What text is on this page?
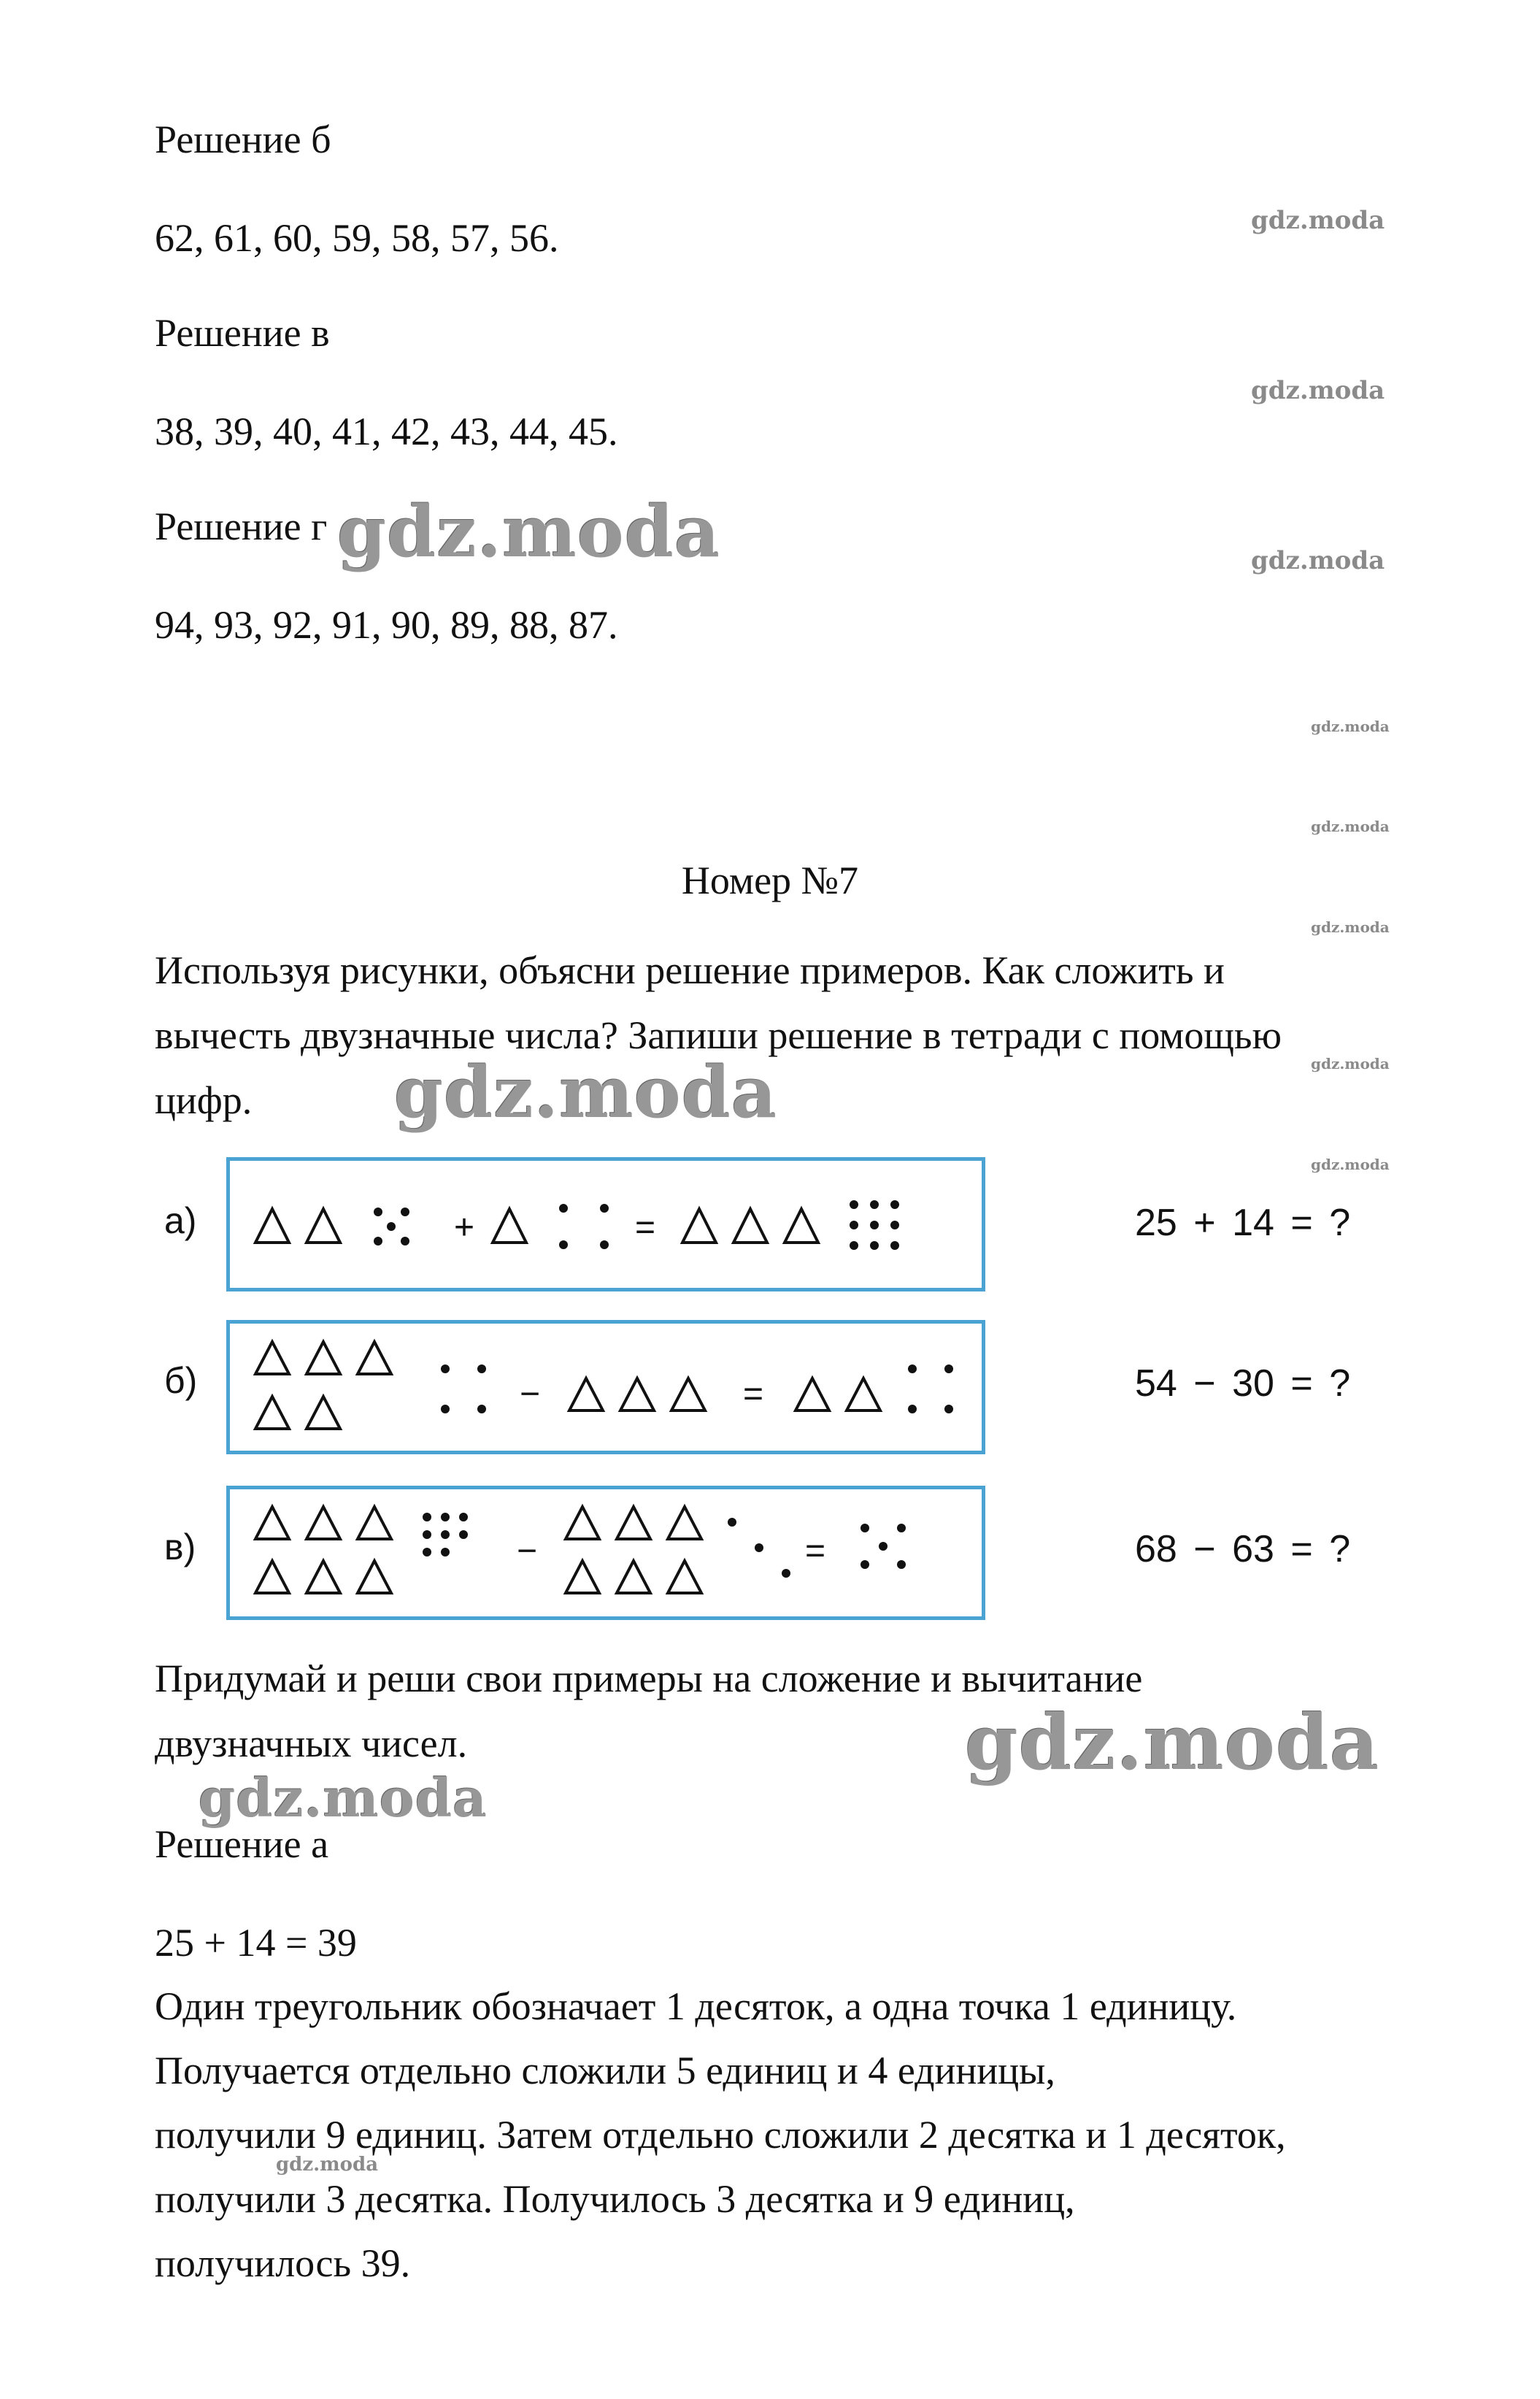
Решение б
62, 61, 60, 59, 58, 57, 56.
Решение в
38, 39, 40, 41, 42, 43, 44, 45.
Решение г
94, 93, 92, 91, 90, 89, 88, 87.
Номер №7
Используя рисунки, объясни решение примеров. Как сложить и
вычесть двузначные числа? Запиши решение в тетради с помощью
цифр.
а)
б)
в)
+	=
−	=
−	=
25 + 14 = ?
54 − 30 = ?
68 − 63 = ?
Придумай и реши свои примеры на сложение и вычитание
двузначных чисел.
Решение а
25 + 14 = 39
Один треугольник обозначает 1 десяток, а одна точка 1 единицу.
Получается отдельно сложили 5 единиц и 4 единицы,
получили 9 единиц. Затем отдельно сложили 2 десятка и 1 десяток,
получили 3 десятка. Получилось 3 десятка и 9 единиц,
получилось 39.
gdz.moda
gdz.moda
gdz.moda
gdz.moda
gdz.moda
gdz.moda
gdz.moda
gdz.moda
gdz.moda
gdz.moda
gdz.moda
gdz.moda
gdz.moda
